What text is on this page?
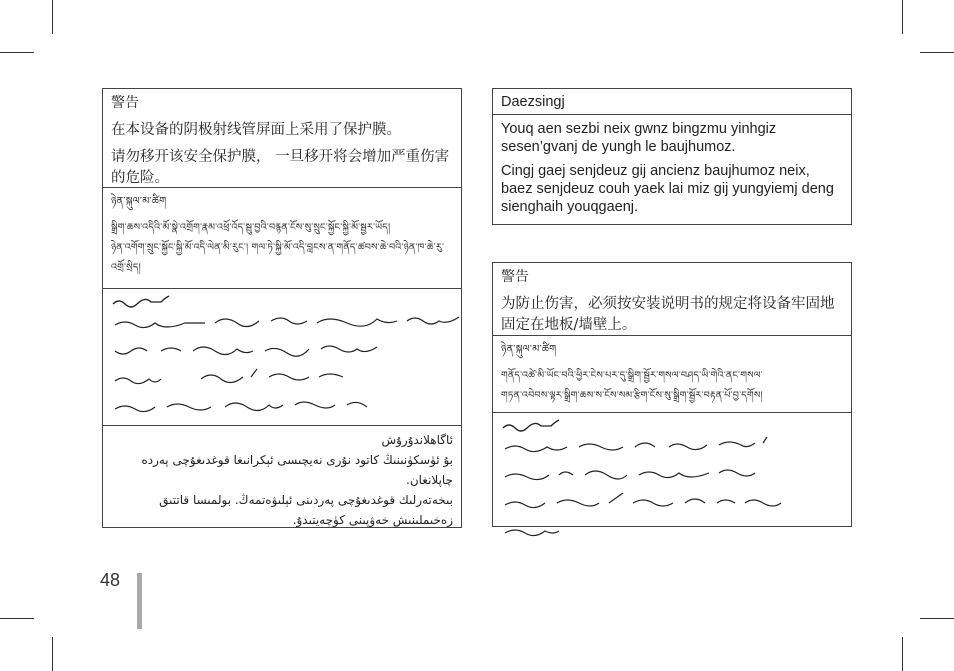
警告

在本设备的阴极射线管屏面上采用了保护膜。

请勿移开该安全保护膜， 一旦移开将会增加严重伤害的危险。

ཉེན་སྐུལ་མ་ཚིག

སྒྲིག་ཆས་འདིའི་མོ་སྣེ་འགྲོག་རྣམ་འཕྲོ་འོད་སྦུ་བྱའི་བརྙན་ངོས་སུ་སྲུང་སྐྱོང་སྐྱི་མོ་སྦྱར་ཡོད།

ཉེན་འགོག་སྲུང་སྐྱོང་སྐྱི་མོ་འདི་ལེན་མི་རུང་། གལ་ཏེ་སྐྱི་མོ་འདི་བླངས་ན་གནོད་ཚབས་ཆེ་བའི་ཉེན་ཁ་ཆེ་རུ་འགྲོ་སྲིད།

ئاگاھلاندۇرۇش

بۇ ئۈسكۈنىنىڭ كاتود نۇرى نەيچىسى ئېكرانىغا قوغدىغۇچى پەردە چاپلانغان.

بىخەتەرلىك قوغدىغۇچى پەردىنى ئېلىۋەتمەڭ. بولمىسا قاتتىق زەخىملىنىش خەۋپىنى كۈچەيتىدۇ.

Daezsingj

Youq aen sezbi neix gwnz bingzmu yinhgiz sesen’gvanj de yungh le baujhumoz.

Cingj gaej senjdeuz gij ancienz baujhumoz neix, baez senjdeuz couh yaek lai miz gij yungyiemj deng sienghaih youqgaenj.

警告

为防止伤害，必须按安装说明书的规定将设备牢固地固定在地板/墙壁上。

ཉེན་སྐུལ་མ་ཚིག

གནོད་འཚེ་མི་ཡོང་བའི་ཕྱིར་ངེས་པར་དུ་སྒྲིག་སྦྱོར་གསལ་བཤད་ཡི་གེའི་ནང་གསལ་

གཏན་འབེབས་ལྟར་སྒྲིག་ཆས་ས་ངོས་སམ་རྩིག་ངོས་སུ་སྒྲིག་སྦྱོར་བརྟན་པོ་བྱ་དགོས།

48
